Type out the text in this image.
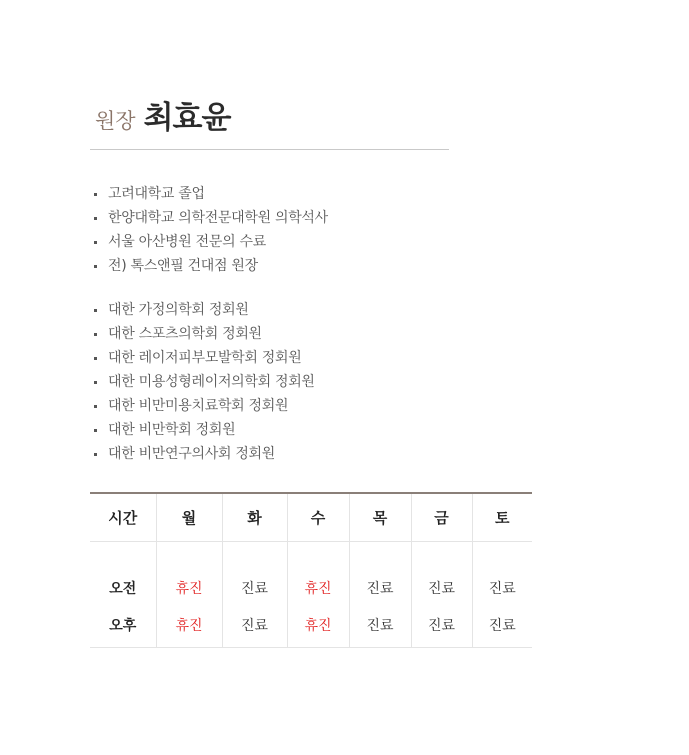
원장 최효윤
고려대학교 졸업
한양대학교 의학전문대학원 의학석사
서울 아산병원 전문의 수료
전) 톡스앤필 건대점 원장
대한 가정의학회 정회원
대한 스포츠의학회 정회원
대한 레이저피부모발학회 정회원
대한 미용성형레이저의학회 정회원
대한 비만미용치료학회 정회원
대한 비만학회 정회원
대한 비만연구의사회 정회원
시간	월	화	수	목	금	토
오전	휴진	진료	휴진	진료	진료	진료
오후	휴진	진료	휴진	진료	진료	진료
